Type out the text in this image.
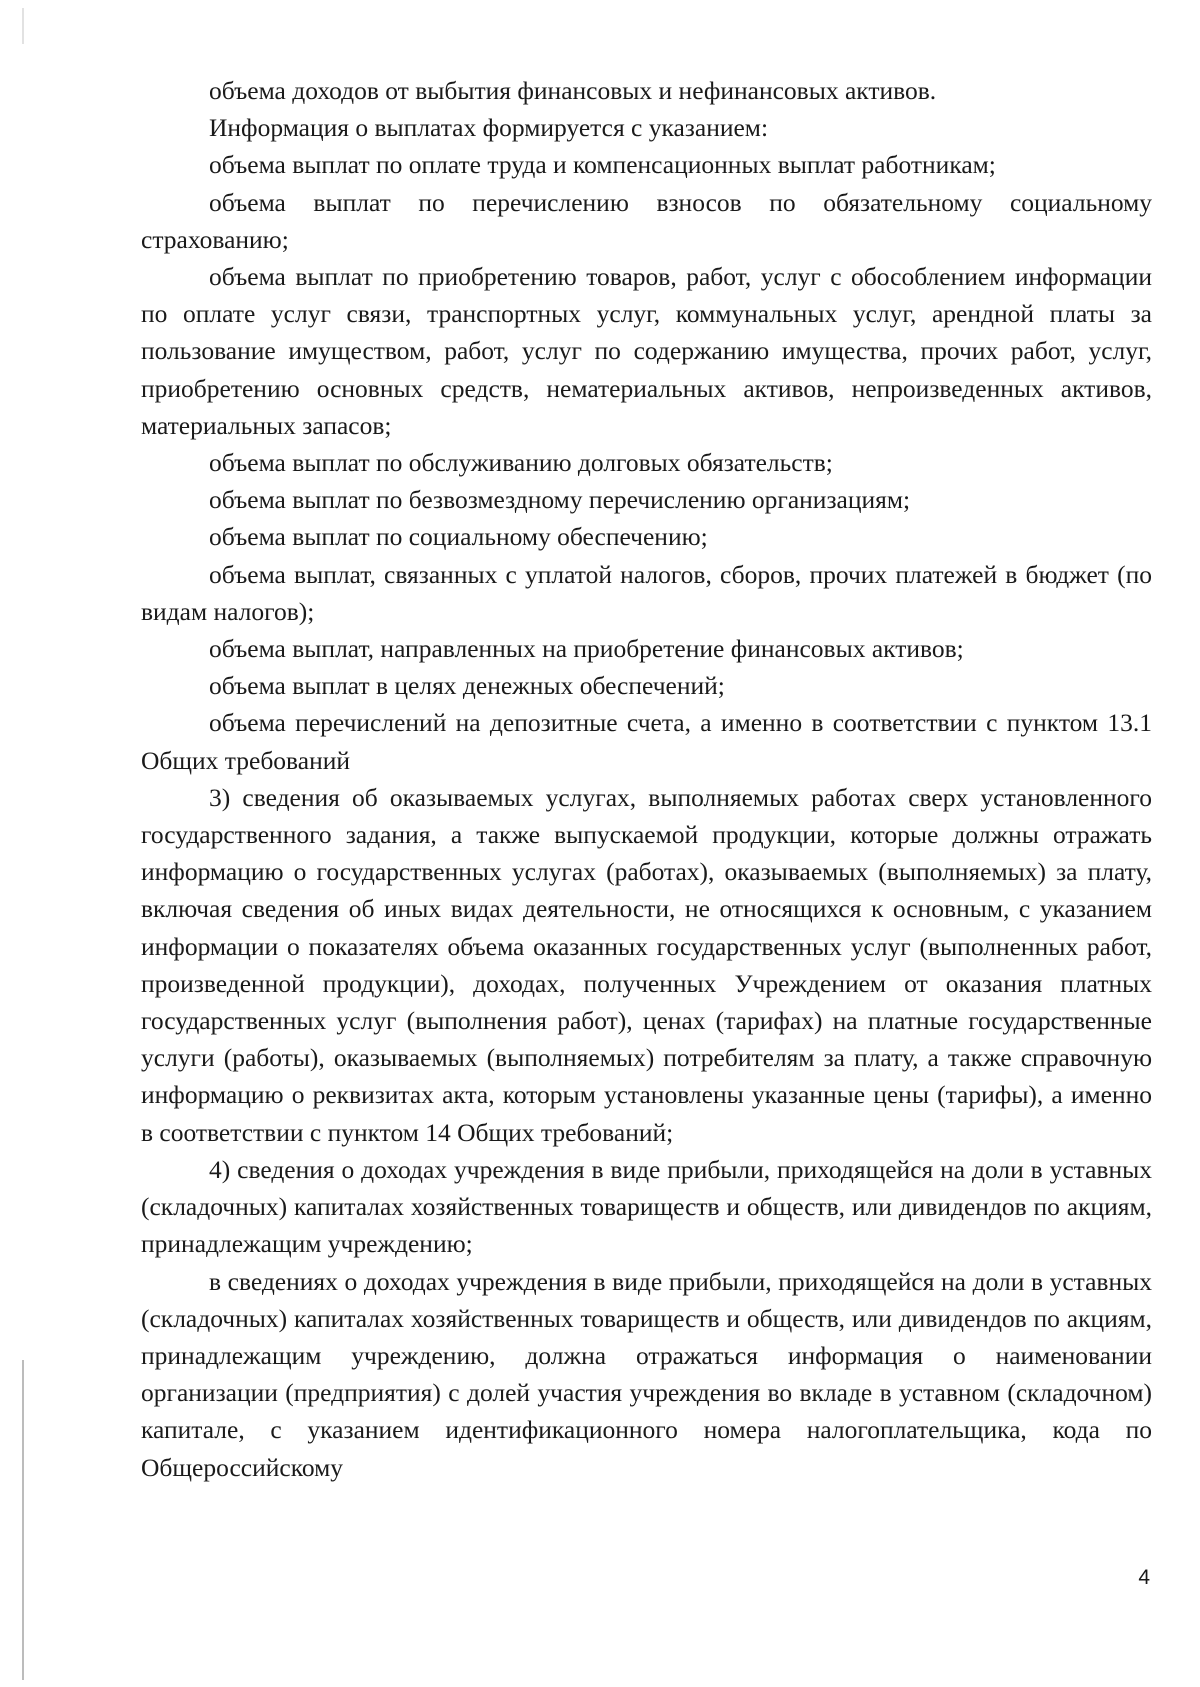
объема доходов от выбытия финансовых и нефинансовых активов.

Информация о выплатах формируется с указанием:

объема выплат по оплате труда и компенсационных выплат работникам;

объема выплат по перечислению взносов по обязательному социальному страхованию;

объема выплат по приобретению товаров, работ, услуг с обособлением информации по оплате услуг связи, транспортных услуг, коммунальных услуг, арендной платы за пользование имуществом, работ, услуг по содержанию имущества, прочих работ, услуг, приобретению основных средств, нематериальных активов, непроизведенных активов, материальных запасов;

объема выплат по обслуживанию долговых обязательств;

объема выплат по безвозмездному перечислению организациям;

объема выплат по социальному обеспечению;

объема выплат, связанных с уплатой налогов, сборов, прочих платежей в бюджет (по видам налогов);

объема выплат, направленных на приобретение финансовых активов;

объема выплат в целях денежных обеспечений;

объема перечислений на депозитные счета, а именно в соответствии с пунктом 13.1 Общих требований

3) сведения об оказываемых услугах, выполняемых работах сверх установленного государственного задания, а также выпускаемой продукции, которые должны отражать информацию о государственных услугах (работах), оказываемых (выполняемых) за плату, включая сведения об иных видах деятельности, не относящихся к основным, с указанием информации о показателях объема оказанных государственных услуг (выполненных работ, произведенной продукции), доходах, полученных Учреждением от оказания платных государственных услуг (выполнения работ), ценах (тарифах) на платные государственные услуги (работы), оказываемых (выполняемых) потребителям за плату, а также справочную информацию о реквизитах акта, которым установлены указанные цены (тарифы), а именно в соответствии с пунктом 14 Общих требований;

4) сведения о доходах учреждения в виде прибыли, приходящейся на доли в уставных (складочных) капиталах хозяйственных товариществ и обществ, или дивидендов по акциям, принадлежащим учреждению;

в сведениях о доходах учреждения в виде прибыли, приходящейся на доли в уставных (складочных) капиталах хозяйственных товариществ и обществ, или дивидендов по акциям, принадлежащим учреждению, должна отражаться информация о наименовании организации (предприятия) с долей участия учреждения во вкладе в уставном (складочном) капитале, с указанием идентификационного номера налогоплательщика, кода по Общероссийскому

4
